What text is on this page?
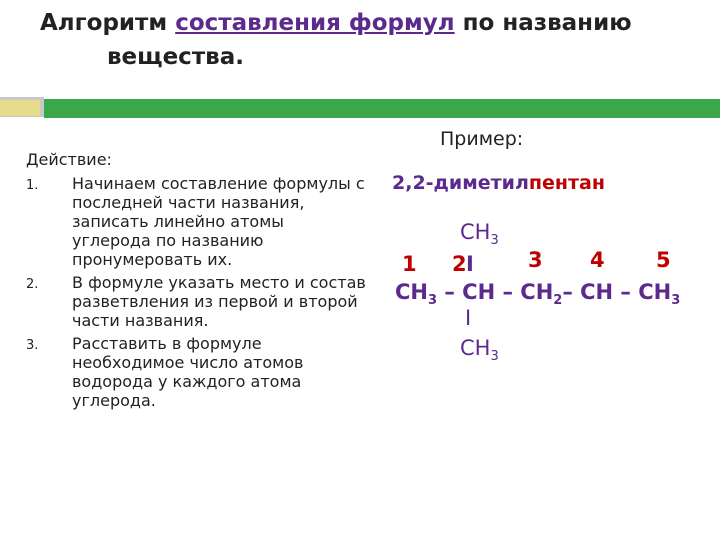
Алгоритм составления формул по названию
вещества.
Действие:
1. Начинаем составление формулы с последней части названия, записать линейно атомы углерода по названию пронумеровать их.
2. В формуле указать место и состав разветвления из первой и второй части названия.
3. Расставить в формуле необходимое число атомов водорода у каждого атома углерода.
Пример:
2,2-диметилпентан
$CH_3$
1 2 I	3 4 5
$CH_3$ – CH – $CH_2-$ CH – $CH_3$
I
$CH_3$
